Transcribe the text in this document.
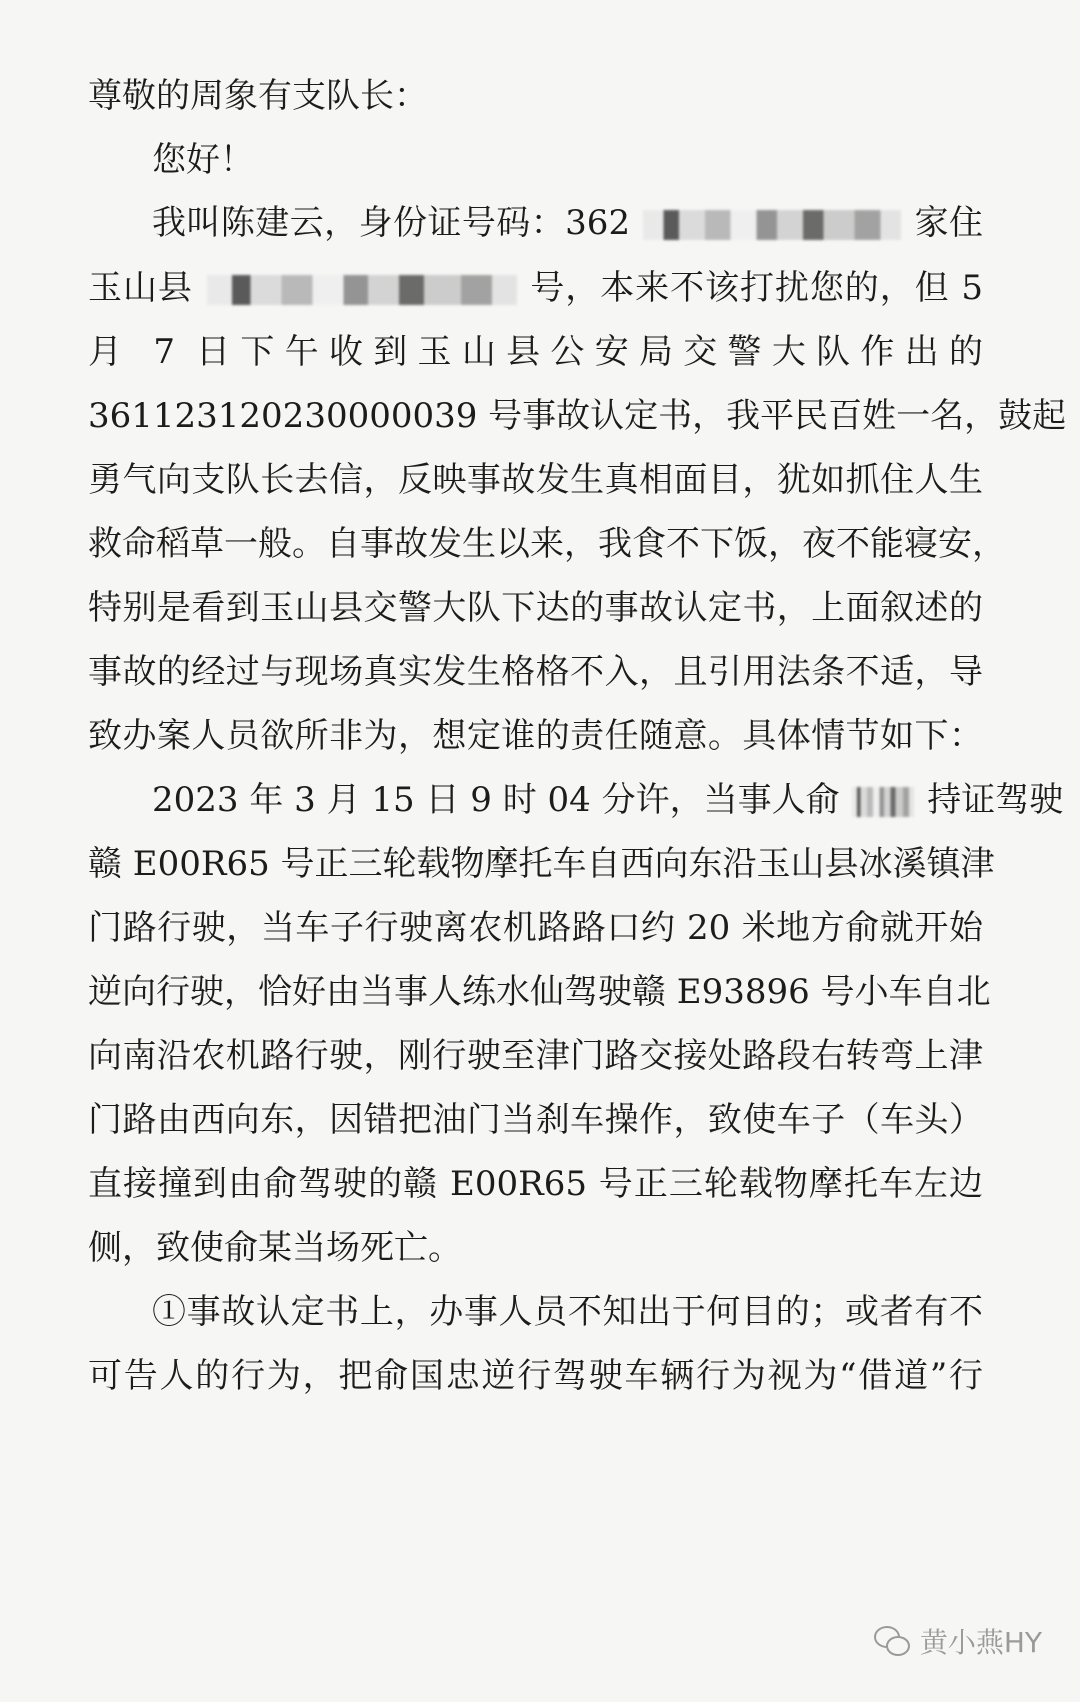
尊敬的周象有支队长：
您好！
我叫陈建云，身份证号码：362	家住
玉山县	号，本来不该打扰您的，但 5
月 7 日下午收到玉山县公安局交警大队作出的
36112312023000003​9 号事故认定书，我平民百姓一名，鼓起
勇气向支队长去信，反映事故发生真相面目，犹如抓住人生
救命稻草一般。自事故发生以来，我食不下饭，夜不能寝安，
特别是看到玉山县交警大队下达的事故认定书，上面叙述的
事故的经过与现场真实发生格格不入，且引用法条不适，导
致办案人员欲所非为，想定谁的责任随意。具体情节如下：
2023 年 3 月 15 日 9 时 04 分许，当事人俞	持证驾驶
赣 E00R65 号正三轮载物摩托车自西向东沿玉山县冰溪镇津
门路行驶，当车子行驶离农机路路口约 20 米地方俞就开始
逆向行驶，恰好由当事人练水仙驾驶赣 E93896 号小车自北
向南沿农机路行驶，刚行驶至津门路交接处路段右转弯上津
门路由西向东，因错把油门当刹车操作，致使车子（车头）
直接撞到由俞驾驶的赣 E00R65 号正三轮载物摩托车左边
侧，致使俞某当场死亡。
①事故认定书上，办事人员不知出于何目的；或者有不
可告人的行为，把俞国忠逆行驾驶车辆行为视为“借道”行
黄小燕HY
